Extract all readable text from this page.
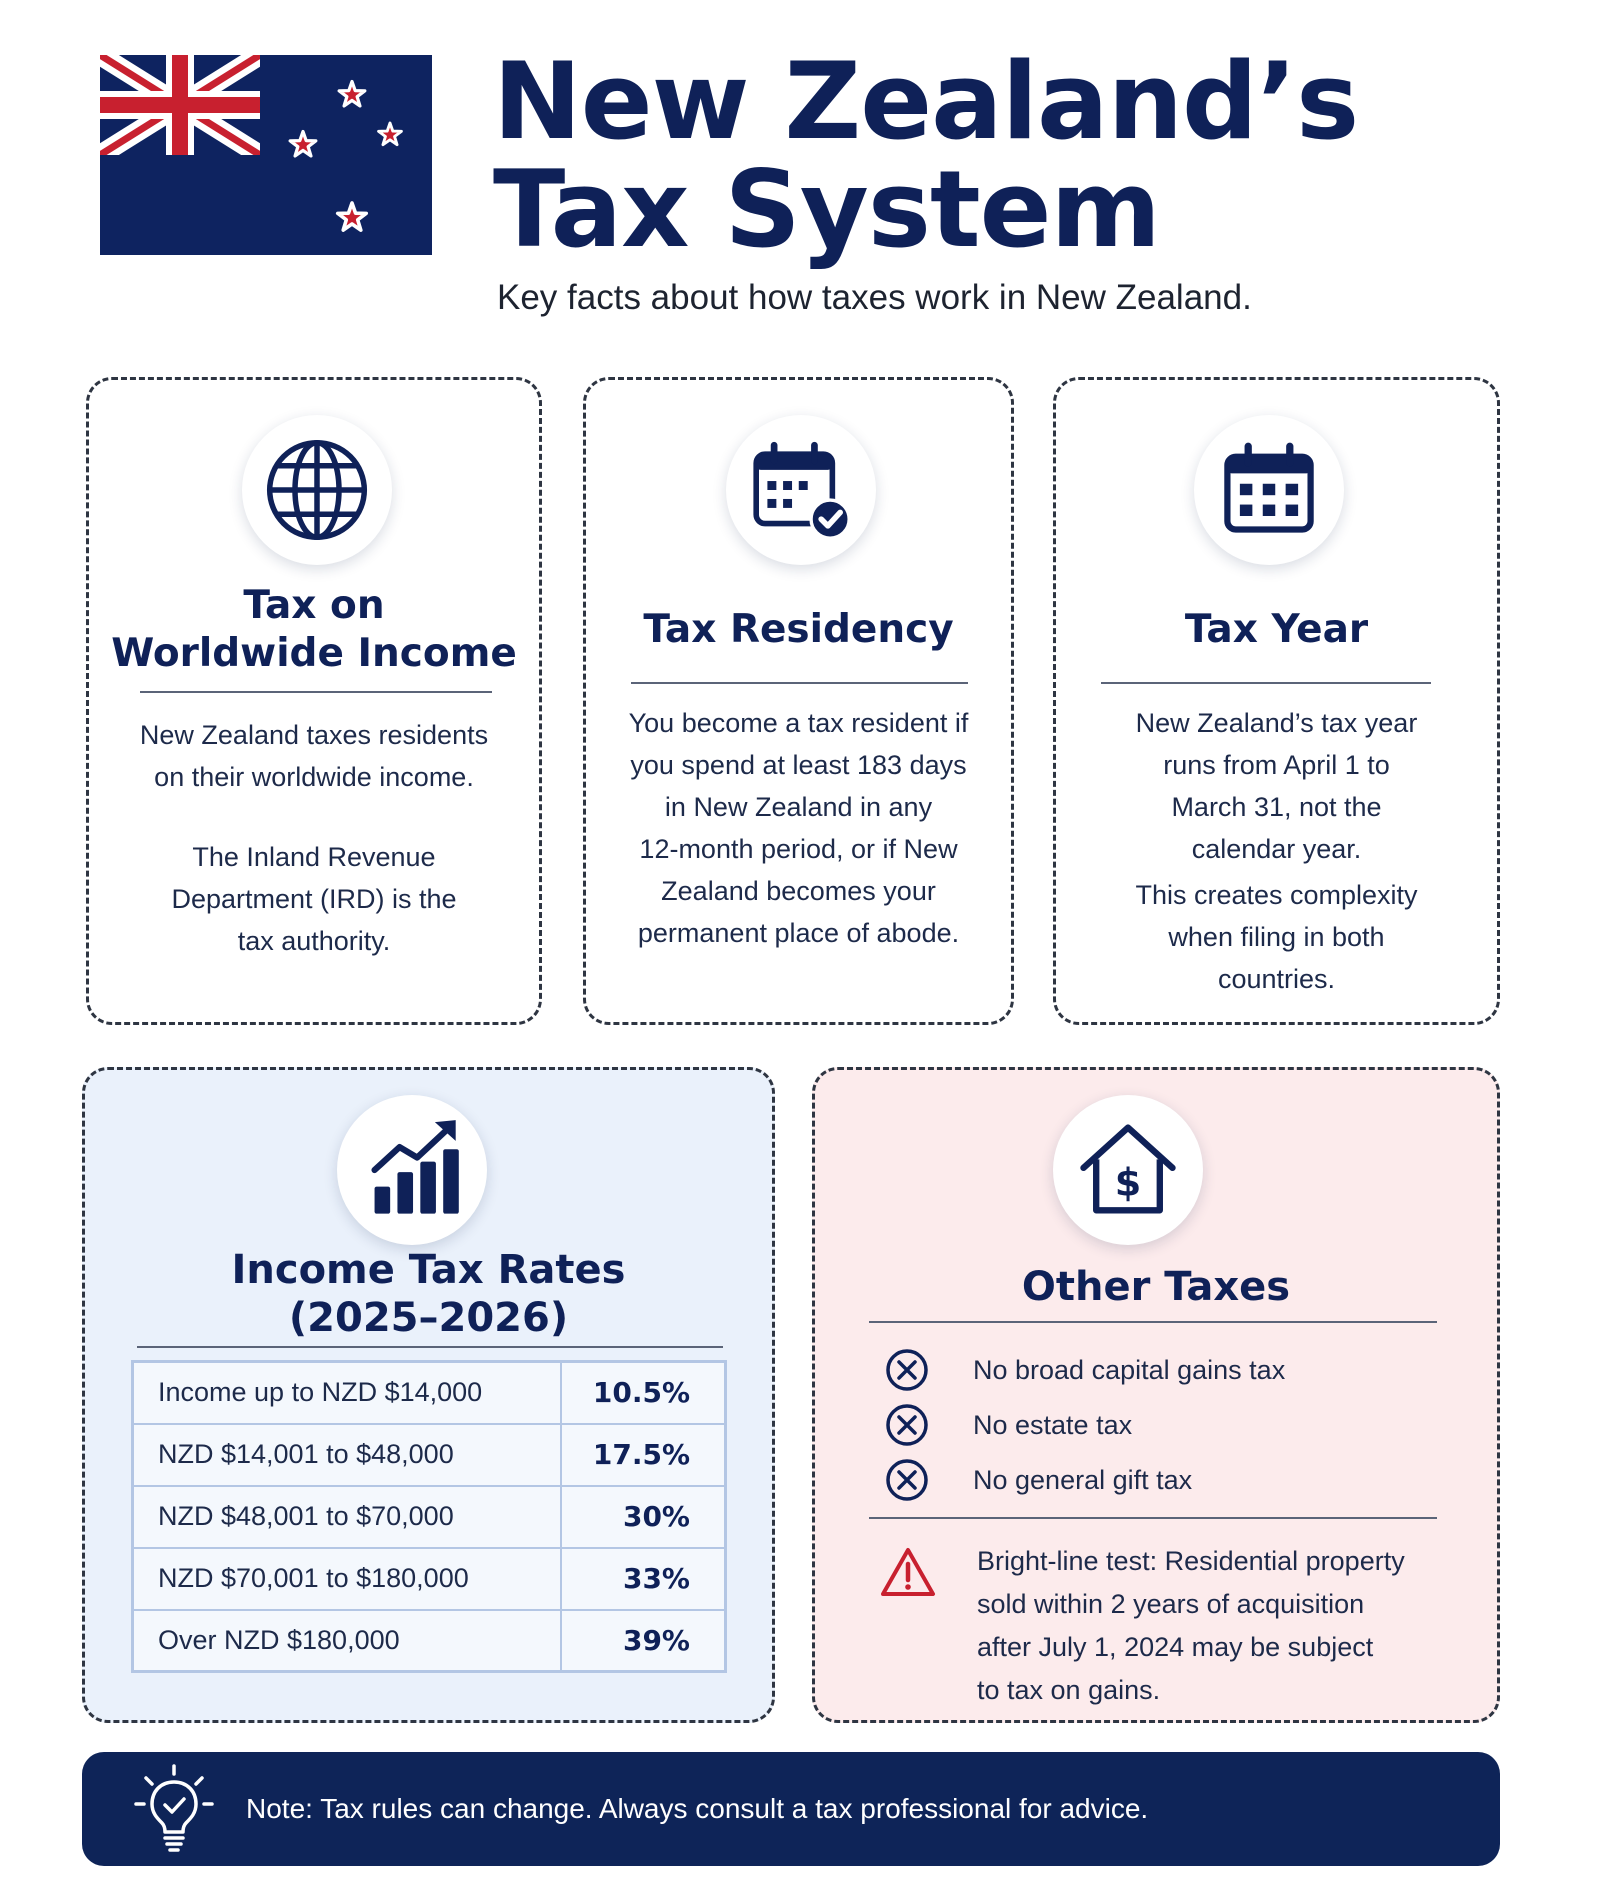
New Zealand’s
Tax System
Key facts about how taxes work in New Zealand.
Tax on
Worldwide Income
New Zealand taxes residents
on their worldwide income.
The Inland Revenue
Department (IRD) is the
tax authority.
Tax Residency
You become a tax resident if
you spend at least 183 days
in New Zealand in any
12-month period, or if New
Zealand becomes your
permanent place of abode.
Tax Year
New Zealand’s tax year
runs from April 1 to
March 31, not the
calendar year.
This creates complexity
when filing in both
countries.
Income Tax Rates
(2025–2026)
Income up to NZD $14,000	10.5%
NZD $14,001 to $48,000	17.5%
NZD $48,001 to $70,000	30%
NZD $70,001 to $180,000	33%
Over NZD $180,000	39%
$
Other Taxes
No broad capital gains tax
No estate tax
No general gift tax
Bright-line test: Residential property
sold within 2 years of acquisition
after July 1, 2024 may be subject
to tax on gains.
Note: Tax rules can change. Always consult a tax professional for advice.
